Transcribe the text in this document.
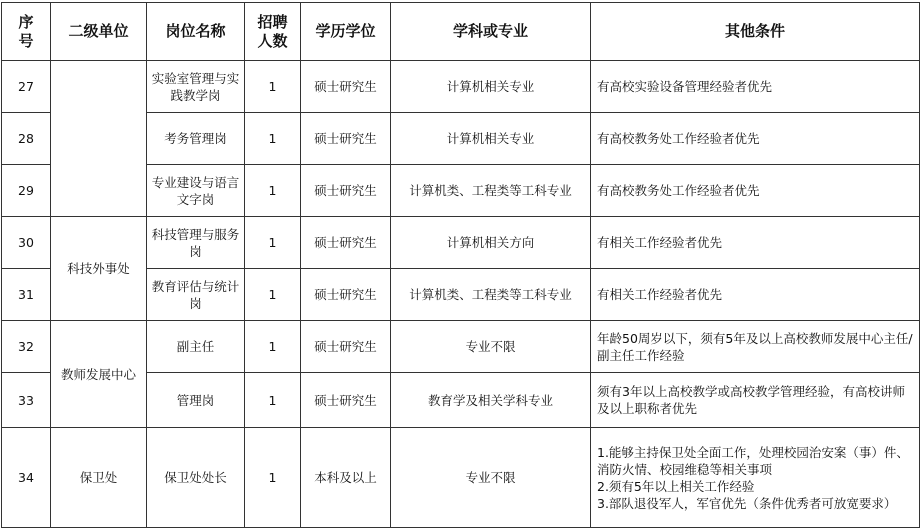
序号	二级单位	岗位名称	招聘人数	学历学位	学科或专业	其他条件
27		实验室管理与实践教学岗	1	硕士研究生	计算机相关专业	有高校实验设备管理经验者优先
28		考务管理岗	1	硕士研究生	计算机相关专业	有高校教务处工作经验者优先
29		专业建设与语言文字岗	1	硕士研究生	计算机类、工程类等工科专业	有高校教务处工作经验者优先
30	科技外事处	科技管理与服务岗	1	硕士研究生	计算机相关方向	有相关工作经验者优先
31		教育评估与统计岗	1	硕士研究生	计算机类、工程类等工科专业	有相关工作经验者优先
32	教师发展中心	副主任	1	硕士研究生	专业不限	年龄50周岁以下，须有5年及以上高校教师发展中心主任/副主任工作经验
33		管理岗	1	硕士研究生	教育学及相关学科专业	须有3年以上高校教学或高校教学管理经验，有高校讲师及以上职称者优先
34	保卫处	保卫处处长	1	本科及以上	专业不限	1.能够主持保卫处全面工作，处理校园治安案（事）件、消防火情、校园维稳等相关事项
2.须有5年以上相关工作经验
3.部队退役军人，军官优先（条件优秀者可放宽要求）
